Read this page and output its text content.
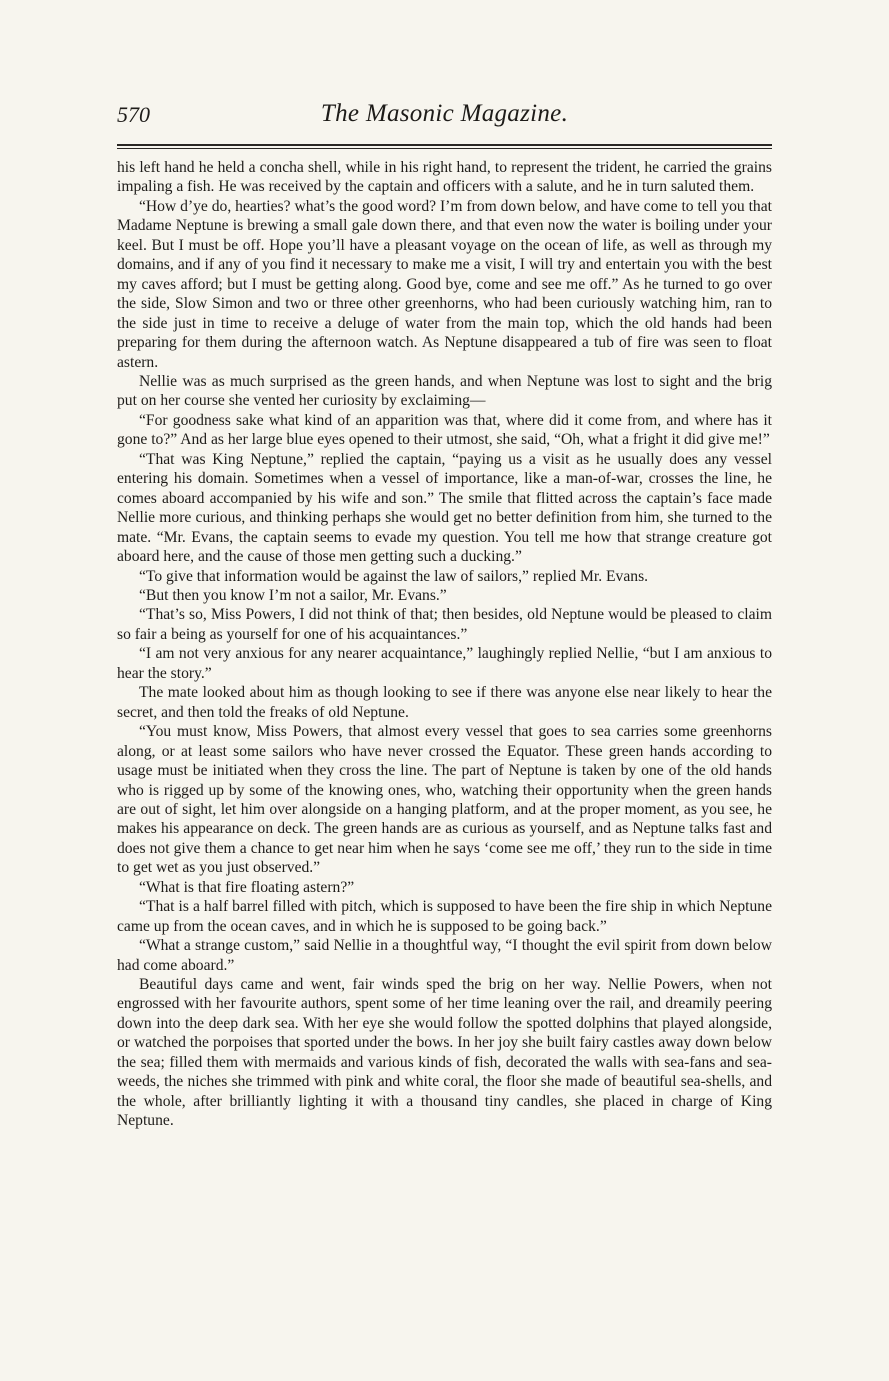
570	The Masonic Magazine.

his left hand he held a concha shell, while in his right hand, to represent the trident, he carried the grains impaling a fish. He was received by the captain and officers with a salute, and he in turn saluted them.

“How d’ye do, hearties? what’s the good word? I’m from down below, and have come to tell you that Madame Neptune is brewing a small gale down there, and that even now the water is boiling under your keel. But I must be off. Hope you’ll have a pleasant voyage on the ocean of life, as well as through my domains, and if any of you find it necessary to make me a visit, I will try and entertain you with the best my caves afford; but I must be getting along. Good bye, come and see me off.” As he turned to go over the side, Slow Simon and two or three other greenhorns, who had been curiously watching him, ran to the side just in time to receive a deluge of water from the main top, which the old hands had been preparing for them during the afternoon watch. As Neptune disappeared a tub of fire was seen to float astern.

Nellie was as much surprised as the green hands, and when Neptune was lost to sight and the brig put on her course she vented her curiosity by exclaiming—

“For goodness sake what kind of an apparition was that, where did it come from, and where has it gone to?” And as her large blue eyes opened to their utmost, she said, “Oh, what a fright it did give me!”

“That was King Neptune,” replied the captain, “paying us a visit as he usually does any vessel entering his domain. Sometimes when a vessel of importance, like a man-of-war, crosses the line, he comes aboard accompanied by his wife and son.” The smile that flitted across the captain’s face made Nellie more curious, and thinking perhaps she would get no better definition from him, she turned to the mate. “Mr. Evans, the captain seems to evade my question. You tell me how that strange creature got aboard here, and the cause of those men getting such a ducking.”

“To give that information would be against the law of sailors,” replied Mr. Evans.

“But then you know I’m not a sailor, Mr. Evans.”

“That’s so, Miss Powers, I did not think of that; then besides, old Neptune would be pleased to claim so fair a being as yourself for one of his acquaintances.”

“I am not very anxious for any nearer acquaintance,” laughingly replied Nellie, “but I am anxious to hear the story.”

The mate looked about him as though looking to see if there was anyone else near likely to hear the secret, and then told the freaks of old Neptune.

“You must know, Miss Powers, that almost every vessel that goes to sea carries some greenhorns along, or at least some sailors who have never crossed the Equator. These green hands according to usage must be initiated when they cross the line. The part of Neptune is taken by one of the old hands who is rigged up by some of the knowing ones, who, watching their opportunity when the green hands are out of sight, let him over alongside on a hanging platform, and at the proper moment, as you see, he makes his appearance on deck. The green hands are as curious as yourself, and as Neptune talks fast and does not give them a chance to get near him when he says ‘come see me off,’ they run to the side in time to get wet as you just observed.”

“What is that fire floating astern?”

“That is a half barrel filled with pitch, which is supposed to have been the fire ship in which Neptune came up from the ocean caves, and in which he is supposed to be going back.”

“What a strange custom,” said Nellie in a thoughtful way, “I thought the evil spirit from down below had come aboard.”

Beautiful days came and went, fair winds sped the brig on her way. Nellie Powers, when not engrossed with her favourite authors, spent some of her time leaning over the rail, and dreamily peering down into the deep dark sea. With her eye she would follow the spotted dolphins that played alongside, or watched the porpoises that sported under the bows. In her joy she built fairy castles away down below the sea; filled them with mermaids and various kinds of fish, decorated the walls with sea-fans and sea-weeds, the niches she trimmed with pink and white coral, the floor she made of beautiful sea-shells, and the whole, after brilliantly lighting it with a thousand tiny candles, she placed in charge of King Neptune.
